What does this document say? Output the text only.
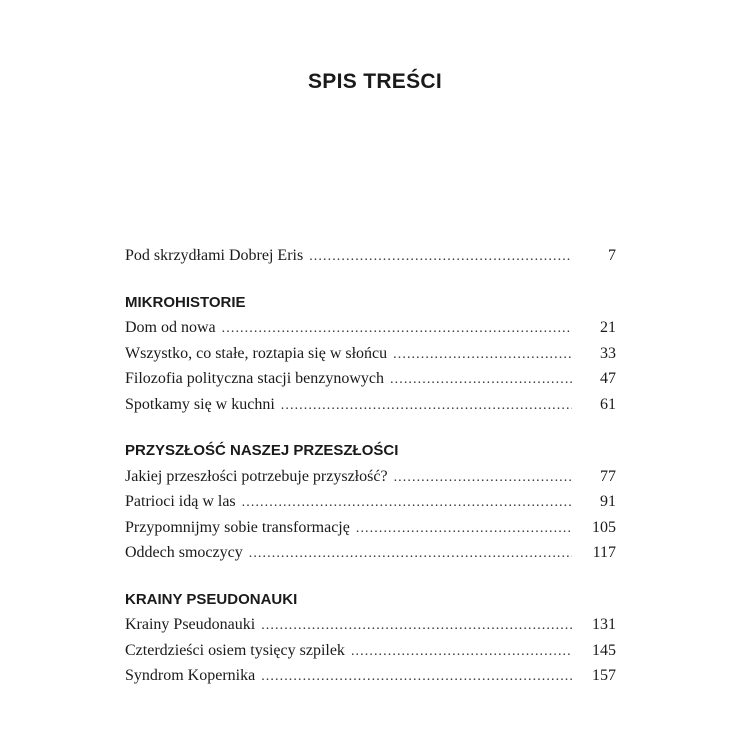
SPIS TREŚCI
Pod skrzydłami Dobrej Eris . . .	7
MIKROHISTORIE
Dom od nowa . . .	21
Wszystko, co stałe, roztapia się w słońcu . . .	33
Filozofia polityczna stacji benzynowych . . .	47
Spotkamy się w kuchni . . .	61
PRZYSZŁOŚĆ NASZEJ PRZESZŁOŚCI
Jakiej przeszłości potrzebuje przyszłość? . . .	77
Patrioci idą w las . . .	91
Przypomnijmy sobie transformację . . .	105
Oddech smoczycy . . .	117
KRAINY PSEUDONAUKI
Krainy Pseudonauki . . .	131
Czterdzieści osiem tysięcy szpilek . . .	145
Syndrom Kopernika . . .	157
